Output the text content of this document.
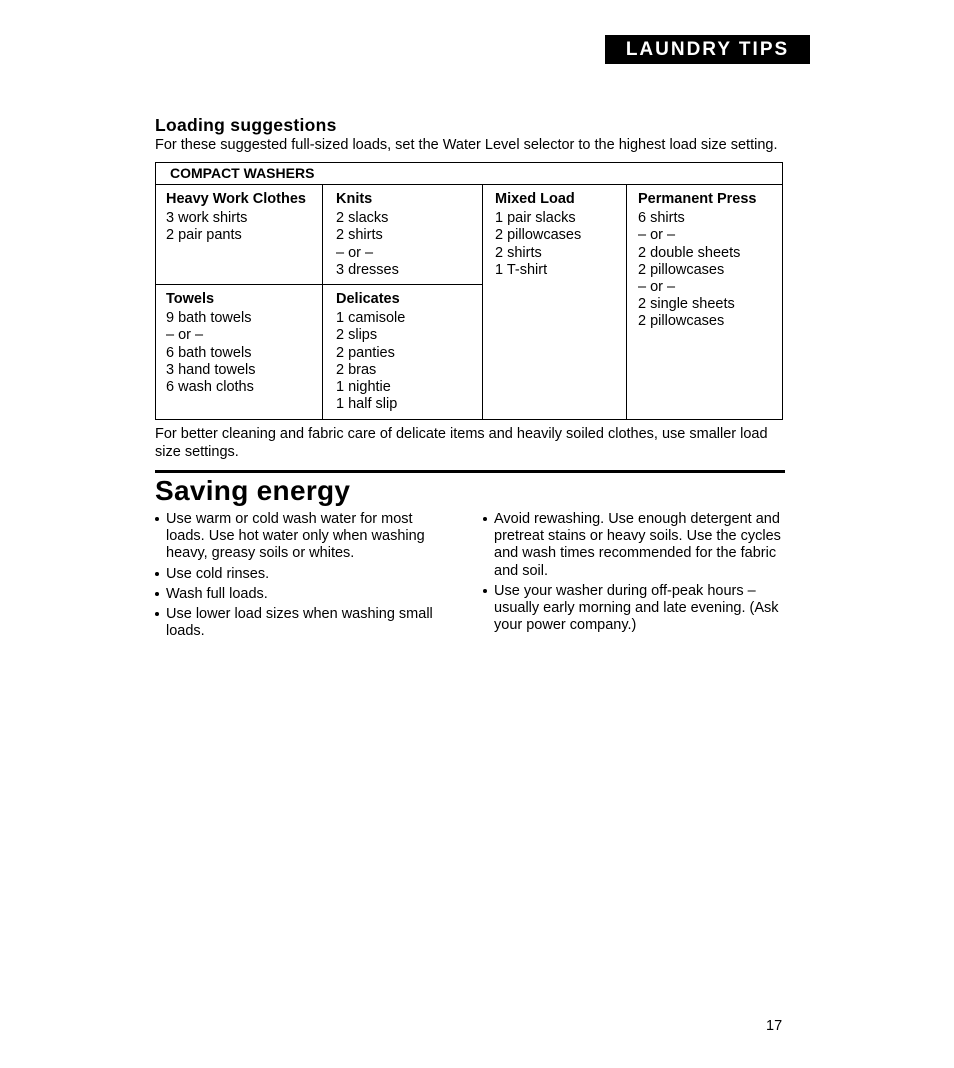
LAUNDRY TIPS
Loading suggestions
For these suggested full-sized loads, set the Water Level selector to the highest load size setting.
COMPACT WASHERS
Heavy Work Clothes
3 work shirts
2 pair pants
Knits
2 slacks
2 shirts
– or –
3 dresses
Mixed Load
1 pair slacks
2 pillowcases
2 shirts
1 T-shirt
Permanent Press
6 shirts
– or –
2 double sheets
2 pillowcases
– or –
2 single sheets
2 pillowcases
Towels
9 bath towels
– or –
6 bath towels
3 hand towels
6 wash cloths
Delicates
1 camisole
2 slips
2 panties
2 bras
1 nightie
1 half slip
For better cleaning and fabric care of delicate items and heavily soiled clothes, use smaller load size settings.
Saving energy
Use warm or cold wash water for most loads. Use hot water only when washing heavy, greasy soils or whites.
Use cold rinses.
Wash full loads.
Use lower load sizes when washing small loads.
Avoid rewashing. Use enough detergent and pretreat stains or heavy soils. Use the cycles and wash times recommended for the fabric and soil.
Use your washer during off-peak hours – usually early morning and late evening. (Ask your power company.)
17
